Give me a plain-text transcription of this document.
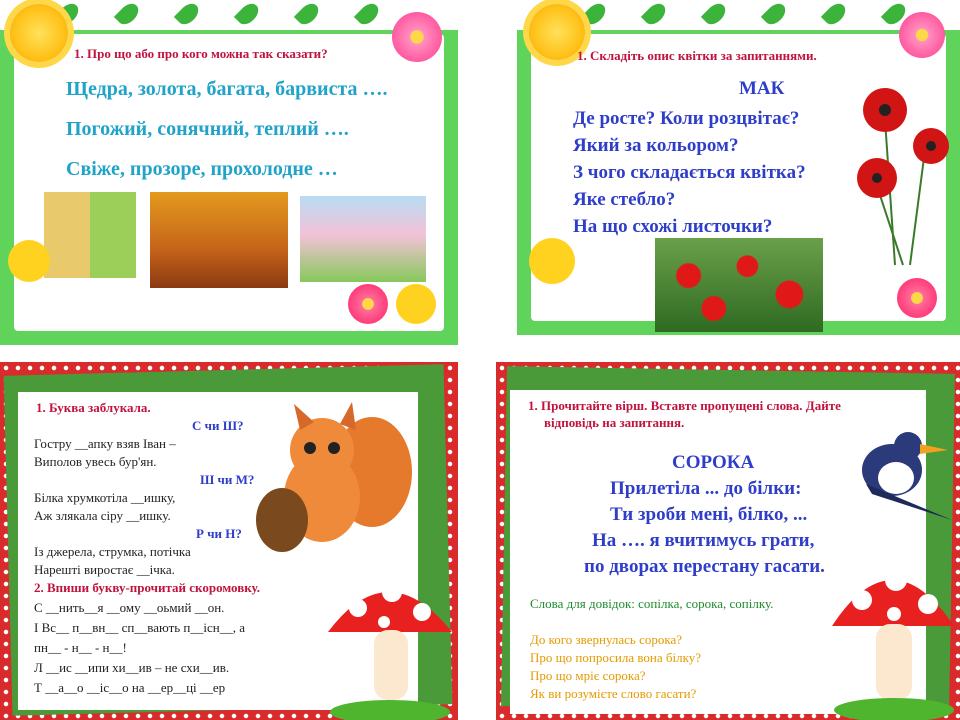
1. Про що або про кого можна так сказати?
Щедра, золота, багата, барвиста ….
Погожий, сонячний, теплий ….
Свіже, прозоре, прохолодне …
1. Складіть опис квітки за запитаннями.
МАК
Де росте? Коли розцвітає?
Який за кольором?
З чого складається квітка?
Яке стебло?
На що схожі листочки?
1. Буква заблукала.
С чи Ш?
Гостру __апку взяв Іван –
Виполов увесь бур'ян.
Ш чи М?
Білка хрумкотіла __ишку,
Аж злякала сіру __ишку.
Р чи Н?
Із джерела, струмка, потічка
Нарешті виростає __ічка.
2. Впиши букву-прочитай скоромовку.
С __нить__я __ому __оьмий __он.
І Вс__ п__вн__ сп__вають п__існ__, а
пн__ - н__ - н__!
Л __ис __ипи хи__ив – не схи__ив.
Т __а__о __іс__о на __ер__ці __ер
1. Прочитайте вірш. Вставте пропущені слова. Дайте
відповідь на запитання.
СОРОКА
Прилетіла ... до білки:
Ти зроби мені, білко, ...
На …. я вчитимусь грати,
по дворах перестану гасати.
Слова для довідок: сопілка, сорока, сопілку.
До кого звернулась сорока?
Про що попросила вона білку?
Про що мріє сорока?
Як ви розумієте слово гасати?
